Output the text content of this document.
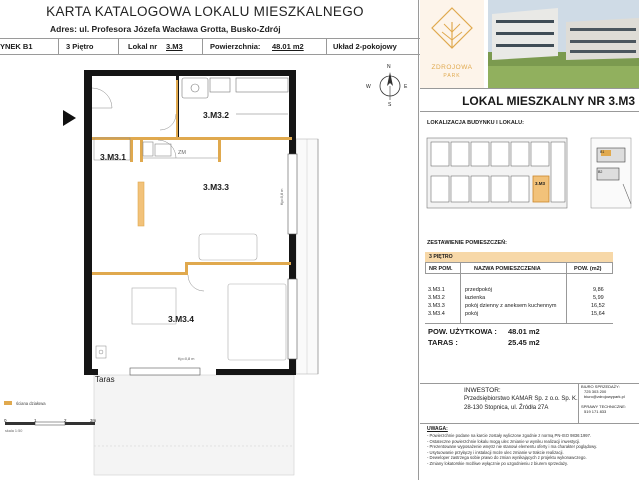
KARTA KATALOGOWA LOKALU MIESZKALNEGO
Adres: ul. Profesora Józefa Wacława Grotta, Busko-Zdrój
YNEK B1	3 Piętro	Lokal nr 3.M3	Powierzchnia: 48.01 m2	Układ 2-pokojowy
3.M3.2
3.M3.1
3.M3.3
3.M3.4
ZM
Taras
Kp=0,8 m
Kp=0,8 m
ściana działowa
0	1	2	3m
skala 1:50
N
E
W
S
ZDROJOWA
PARK
LOKAL MIESZKALNY NR 3.M3
LOKALIZACJA BUDYNKU I LOKALU:
3.M3
B1
B2
ZESTAWIENIE POMIESZCZEŃ:
3 PIĘTRO
NR POM.	NAZWA POMIESZCZENIA	POW. (m2)
3.M3.1	przedpokój	9,86
3.M3.2	łazienka	5,99
3.M3.3	pokój dzienny z aneksem kuchennym	16,52
3.M3.4	pokój	15,64
POW. UŻYTKOWA : 48.01 m2
TARAS :	25.45 m2
INWESTOR:
Przedsiębiorstwo KAMAR Sp. z o.o. Sp. K.
28-130 Stopnica, ul. Źródła 27A
BIURO SPRZEDAŻY:
725 303 200
biuro@zdrojowypark.pl
SPRAWY TECHNICZNE:
519 171 833
UWAGA:
- Powierzchnie podane na karcie zostały wyliczone zgodnie z normą PN-ISO 9836:1997.
- Ostateczne powierzchnie lokalu mogą ulec zmianie w wyniku realizacji inwestycji.
- Prezentowane wyposażenie wnętrz nie stanowi elementu oferty i ma charakter poglądowy.
- Usytuowanie przyłączy i instalacji może ulec zmianie w trakcie realizacji.
- Deweloper zastrzega sobie prawo do zmian wynikających z projektu wykonawczego.
- Zmiany lokatorskie możliwe wyłącznie po uzgodnieniu z biurem sprzedaży.
